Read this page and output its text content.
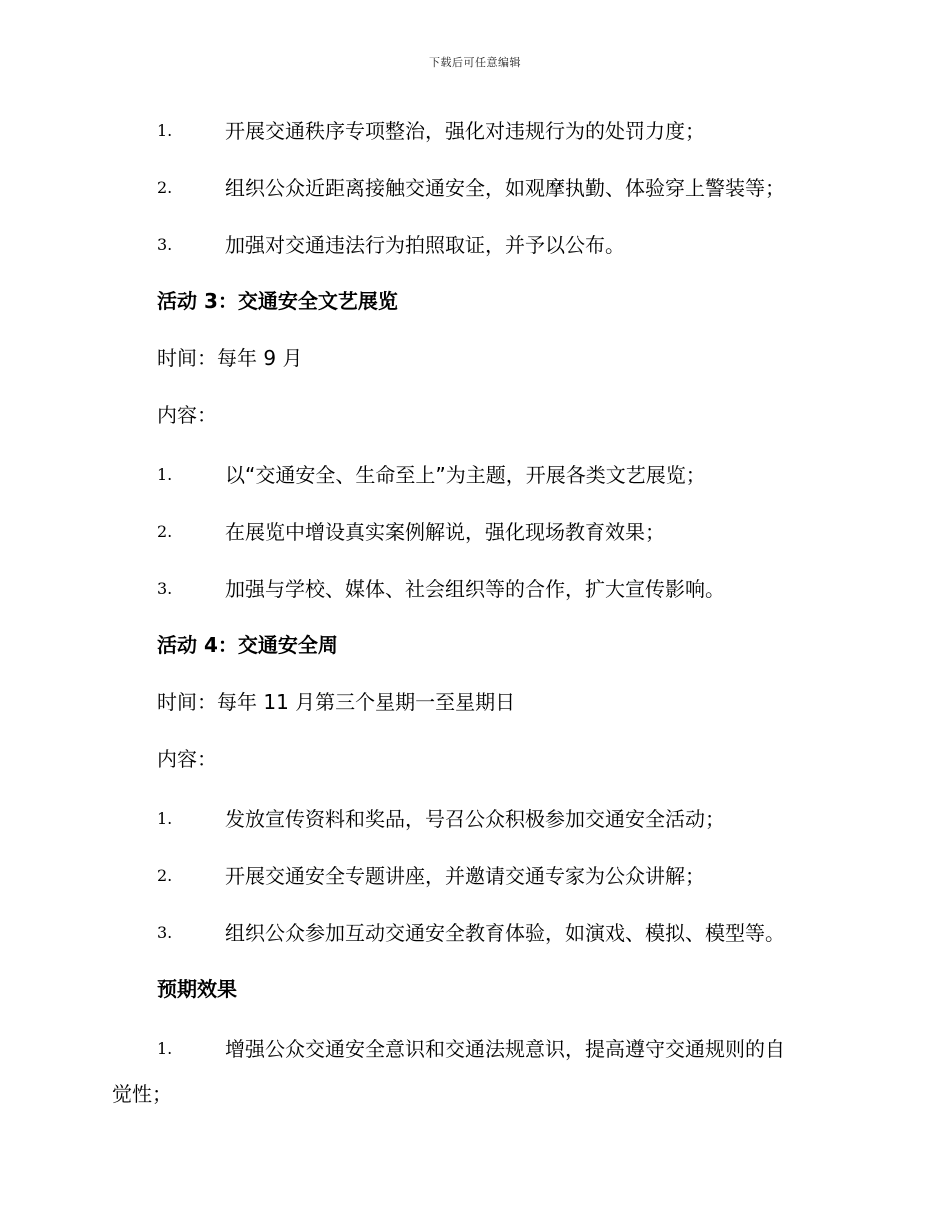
下载后可任意编辑
1.	开展交通秩序专项整治，强化对违规行为的处罚力度；
2.	组织公众近距离接触交通安全，如观摩执勤、体验穿上警装等；
3.	加强对交通违法行为拍照取证，并予以公布。
活动 3：交通安全文艺展览
时间：每年 9 月
内容：
1.	以“交通安全、生命至上”为主题，开展各类文艺展览；
2.	在展览中增设真实案例解说，强化现场教育效果；
3.	加强与学校、媒体、社会组织等的合作，扩大宣传影响。
活动 4：交通安全周
时间：每年 11 月第三个星期一至星期日
内容：
1.	发放宣传资料和奖品，号召公众积极参加交通安全活动；
2.	开展交通安全专题讲座，并邀请交通专家为公众讲解；
3.	组织公众参加互动交通安全教育体验，如演戏、模拟、模型等。
预期效果
1.	增强公众交通安全意识和交通法规意识，提高遵守交通规则的自
觉性；
